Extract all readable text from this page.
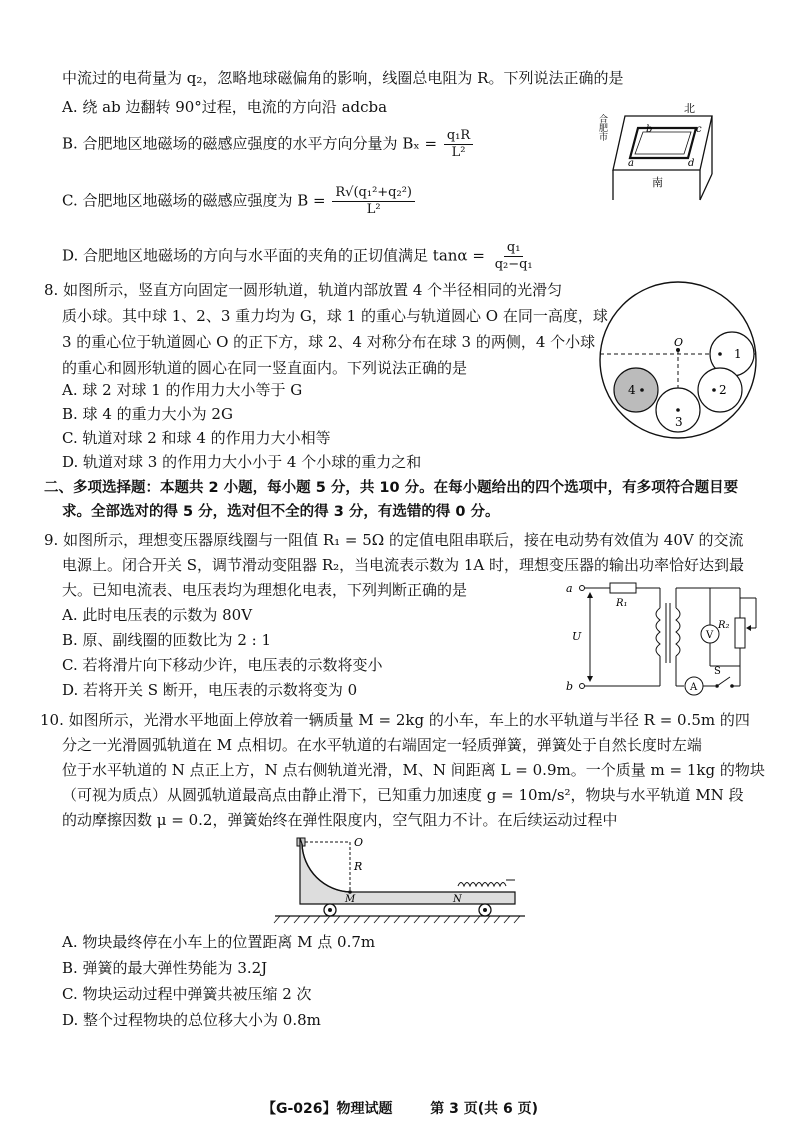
中流过的电荷量为 q₂，忽略地球磁偏角的影响，线圈总电阻为 R。下列说法正确的是
A. 绕 ab 边翻转 90°过程，电流的方向沿 adcba
B. 合肥地区地磁场的磁感应强度的水平方向分量为 $B_x = \frac{\text{q₁R}}{\text{L²}}$
C. 合肥地区地磁场的磁感应强度为 $B = \frac{\text{R√(q₁²+q₂²)}}{\text{L²}}$
D. 合肥地区地磁场的方向与水平面的夹角的正切值满足 $\tan\alpha = \frac{\text{q₁}}{\text{q₂−q₁}}$
北
南
合肥市	b	c
a	d
8. 如图所示，竖直方向固定一圆形轨道，轨道内部放置 4 个半径相同的光滑匀
质小球。其中球 1、2、3 重力均为 G，球 1 的重心与轨道圆心 O 在同一高度，球
3 的重心位于轨道圆心 O 的正下方，球 2、4 对称分布在球 3 的两侧，4 个小球
的重心和圆形轨道的圆心在同一竖直面内。下列说法正确的是
A. 球 2 对球 1 的作用力大小等于 G
B. 球 4 的重力大小为 2G
C. 轨道对球 2 和球 4 的作用力大小相等
D. 轨道对球 3 的作用力大小小于 4 个小球的重力之和
O
1
2
4
3
二、多项选择题：本题共 2 小题，每小题 5 分，共 10 分。在每小题给出的四个选项中，有多项符合题目要
求。全部选对的得 5 分，选对但不全的得 3 分，有选错的得 0 分。
9. 如图所示，理想变压器原线圈与一阻值 R₁ = 5Ω 的定值电阻串联后，接在电动势有效值为 40V 的交流
电源上。闭合开关 S，调节滑动变阻器 R₂，当电流表示数为 1A 时，理想变压器的输出功率恰好达到最
大。已知电流表、电压表均为理想化电表，下列判断正确的是
A. 此时电压表的示数为 80V
B. 原、副线圈的匝数比为 2 : 1
C. 若将滑片向下移动少许，电压表的示数将变小
D. 若将开关 S 断开，电压表的示数将变为 0
a
b
U
R₁
A
S
V
R₂
10. 如图所示，光滑水平地面上停放着一辆质量 M = 2kg 的小车，车上的水平轨道与半径 R = 0.5m 的四
分之一光滑圆弧轨道在 M 点相切。在水平轨道的右端固定一轻质弹簧，弹簧处于自然长度时左端
位于水平轨道的 N 点正上方，N 点右侧轨道光滑，M、N 间距离 L = 0.9m。一个质量 m = 1kg 的物块
（可视为质点）从圆弧轨道最高点由静止滑下，已知重力加速度 g = 10m/s²，物块与水平轨道 MN 段
的动摩擦因数 μ = 0.2，弹簧始终在弹性限度内，空气阻力不计。在后续运动过程中
O
R
M	N
A. 物块最终停在小车上的位置距离 M 点 0.7m
B. 弹簧的最大弹性势能为 3.2J
C. 物块运动过程中弹簧共被压缩 2 次
D. 整个过程物块的总位移大小为 0.8m
【G-026】物理试题	第 3 页(共 6 页)
